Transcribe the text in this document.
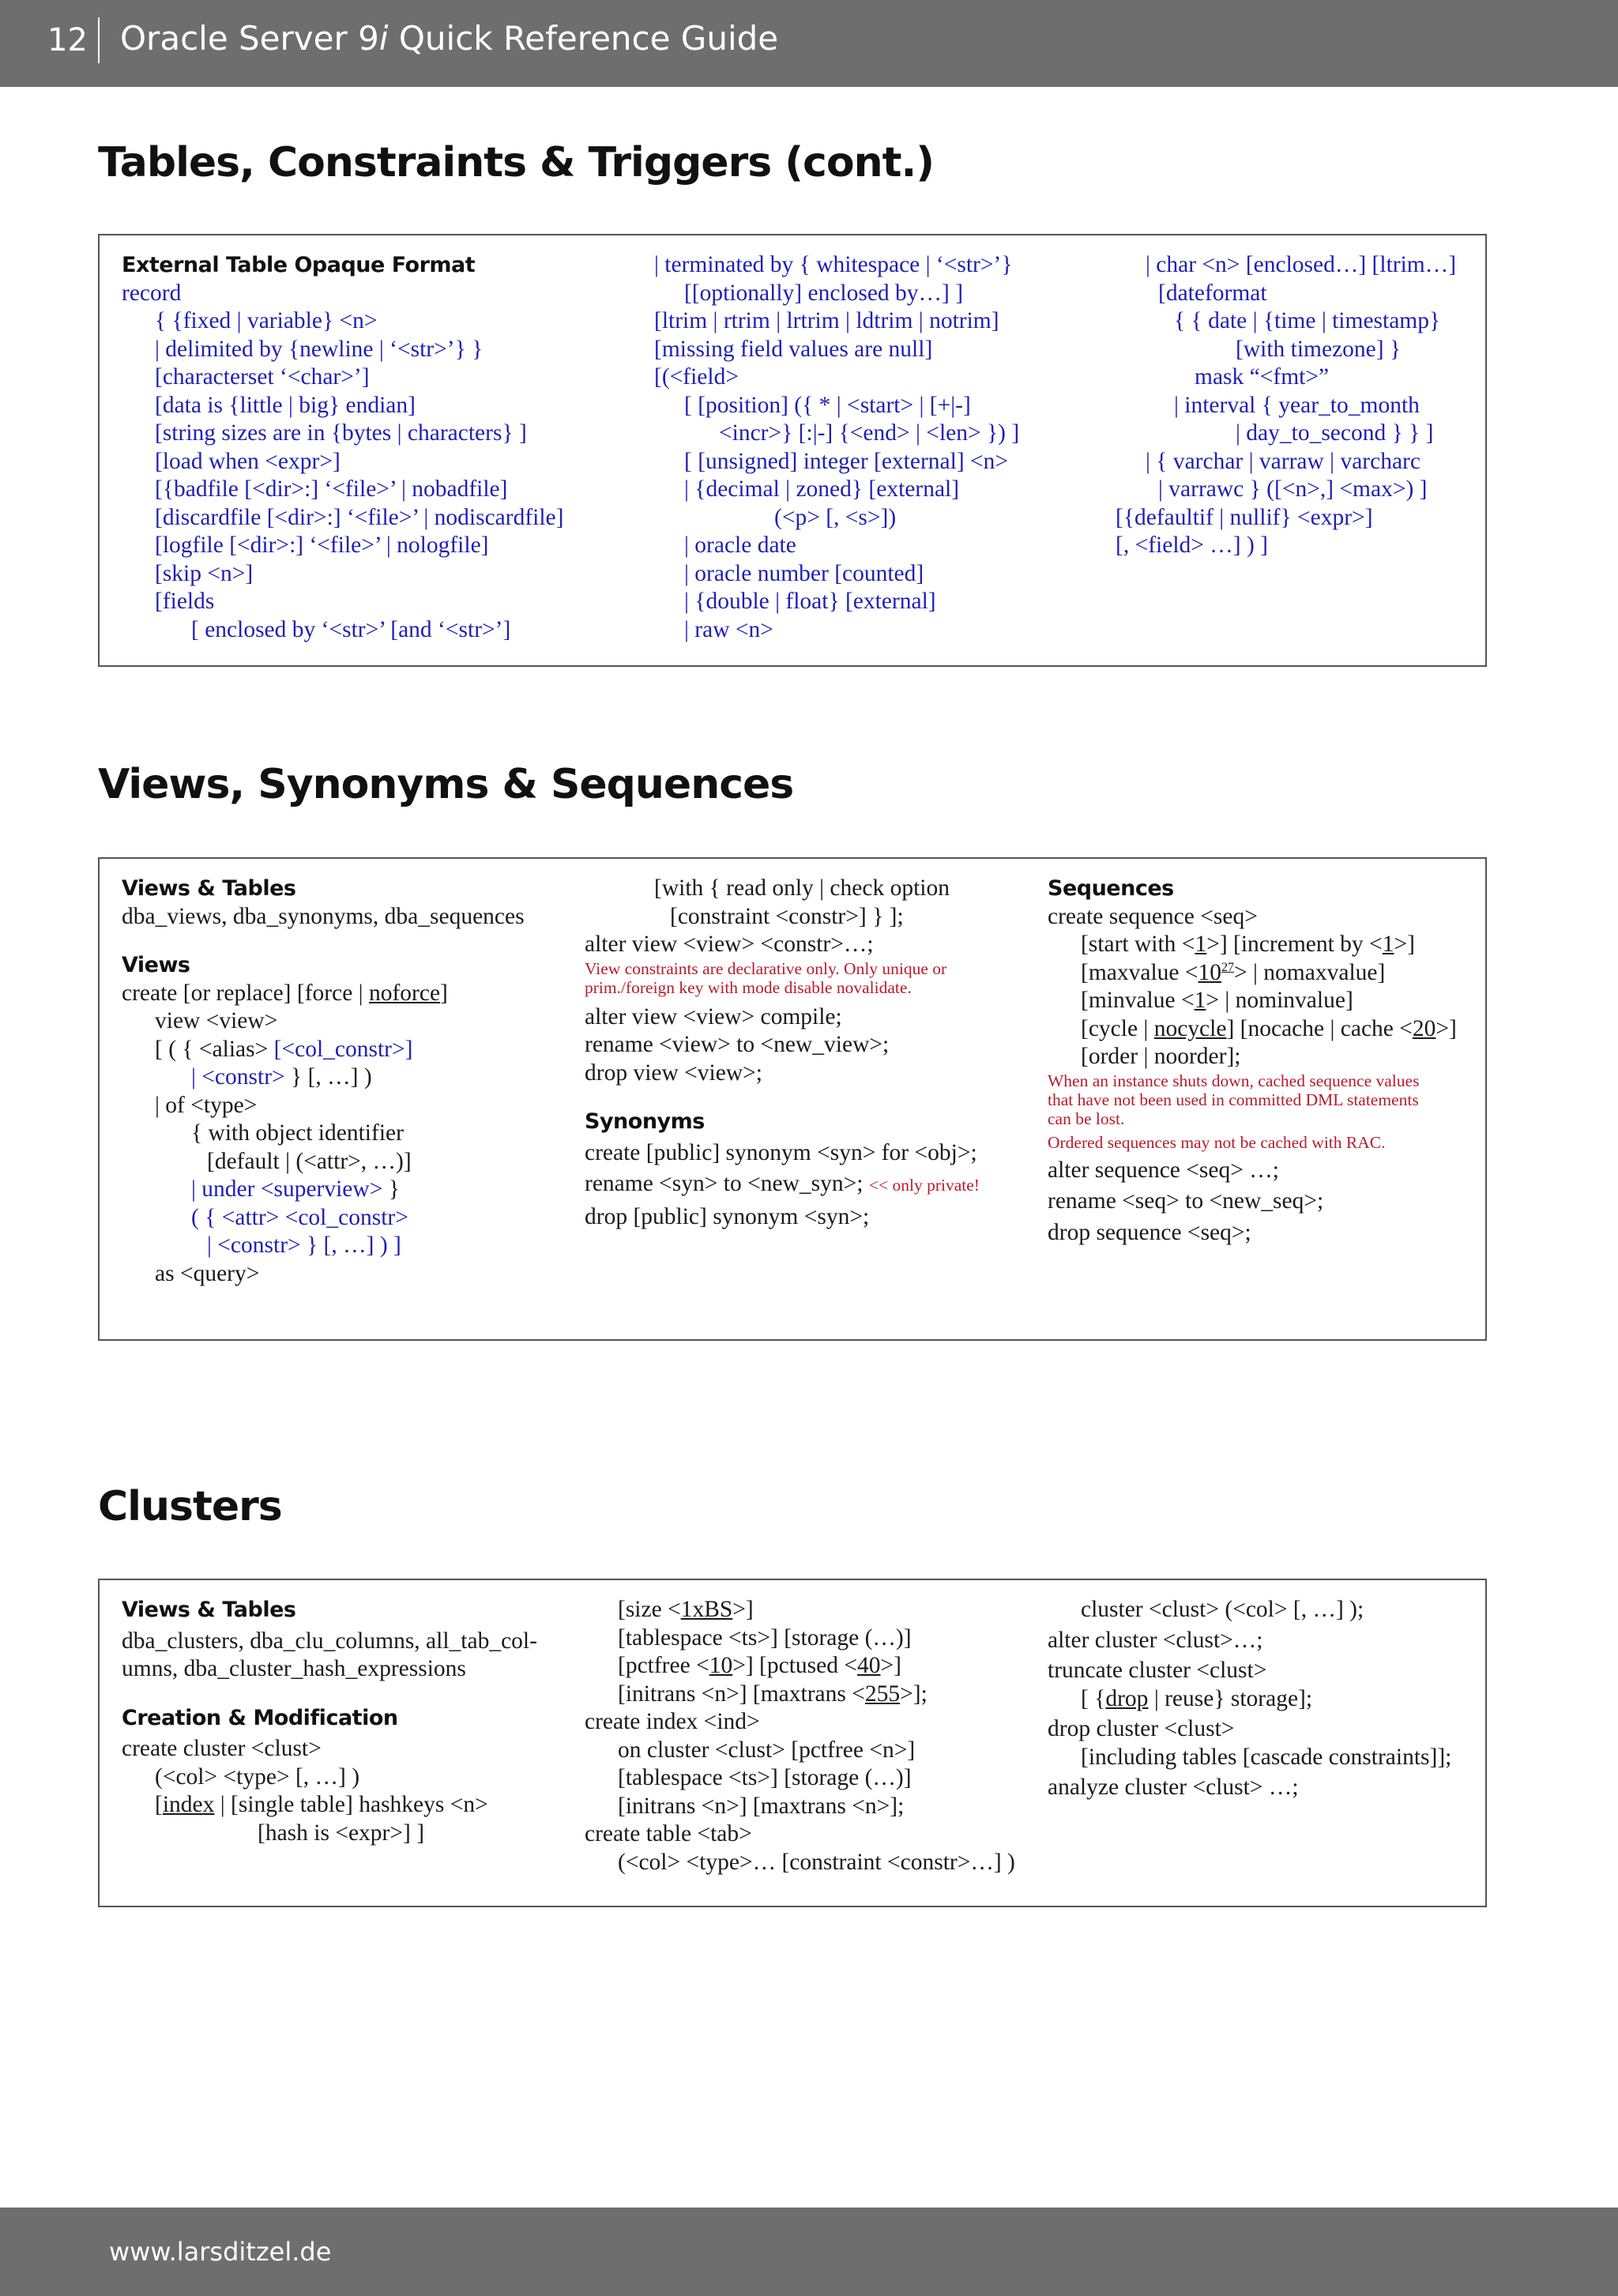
12 Oracle Server 9i Quick Reference Guide
Tables, Constraints & Triggers (cont.)
External Table Opaque Format
record
{ {fixed | variable} <n>
| delimited by {newline | ‘<str>’} }
[characterset ‘<char>’]
[data is {little | big} endian]
[string sizes are in {bytes | characters} ]
[load when <expr>]
[{badfile [<dir>:] ‘<file>’ | nobadfile]
[discardfile [<dir>:] ‘<file>’ | nodiscardfile]
[logfile [<dir>:] ‘<file>’ | nologfile]
[skip <n>]
[fields
[ enclosed by ‘<str>’ [and ‘<str>’]
| terminated by { whitespace | ‘<str>’}
[[optionally] enclosed by…] ]
[ltrim | rtrim | lrtrim | ldtrim | notrim]
[missing field values are null]
[(<field>
[ [position] ({ * | <start> | [+|-]
<incr>} [:|-] {<end> | <len> }) ]
[ [unsigned] integer [external] <n>
| {decimal | zoned} [external]
(<p> [, <s>])
| oracle date
| oracle number [counted]
| {double | float} [external]
| raw <n>
| char <n> [enclosed…] [ltrim…]
[dateformat
{ { date | {time | timestamp}
[with timezone] }
mask “<fmt>”
| interval { year_to_month
| day_to_second } } ]
| { varchar | varraw | varcharc
| varrawc } ([<n>,] <max>) ]
[{defaultif | nullif} <expr>]
[, <field> …] ) ]
Views, Synonyms & Sequences
Views & Tables
dba_views, dba_synonyms, dba_sequences
Views
create [or replace] [force | noforce]
view <view>
[ ( { <alias> [<col_constr>]
| <constr> } [, …] )
| of <type>
{ with object identifier
[default | (<attr>, …)]
| under <superview> }
( { <attr> <col_constr>
| <constr> } [, …] ) ]
as <query>
[with { read only | check option
[constraint <constr>] } ];
alter view <view> <constr>…;
View constraints are declarative only. Only unique or
prim./foreign key with mode disable novalidate.
alter view <view> compile;
rename <view> to <new_view>;
drop view <view>;
Synonyms
create [public] synonym <syn> for <obj>;
rename <syn> to <new_syn>; << only private!
drop [public] synonym <syn>;
Sequences
create sequence <seq>
[start with <1>] [increment by <1>]
[maxvalue $<10^{27}>$ | nomaxvalue]
[minvalue <1> | nominvalue]
[cycle | nocycle] [nocache | cache <20>]
[order | noorder];
When an instance shuts down, cached sequence values
that have not been used in committed DML statements
can be lost.
Ordered sequences may not be cached with RAC.
alter sequence <seq> …;
rename <seq> to <new_seq>;
drop sequence <seq>;
Clusters
Views & Tables
dba_clusters, dba_clu_columns, all_tab_col-
umns, dba_cluster_hash_expressions
Creation & Modification
create cluster <clust>
(<col> <type> [, …] )
[index | [single table] hashkeys <n>
[hash is <expr>] ]
[size <1xBS>]
[tablespace <ts>] [storage (…)]
[pctfree <10>] [pctused <40>]
[initrans <n>] [maxtrans <255>];
create index <ind>
on cluster <clust> [pctfree <n>]
[tablespace <ts>] [storage (…)]
[initrans <n>] [maxtrans <n>];
create table <tab>
(<col> <type>… [constraint <constr>…] )
cluster <clust> (<col> [, …] );
alter cluster <clust>…;
truncate cluster <clust>
[ {drop | reuse} storage];
drop cluster <clust>
[including tables [cascade constraints]];
analyze cluster <clust> …;
www.larsditzel.de
